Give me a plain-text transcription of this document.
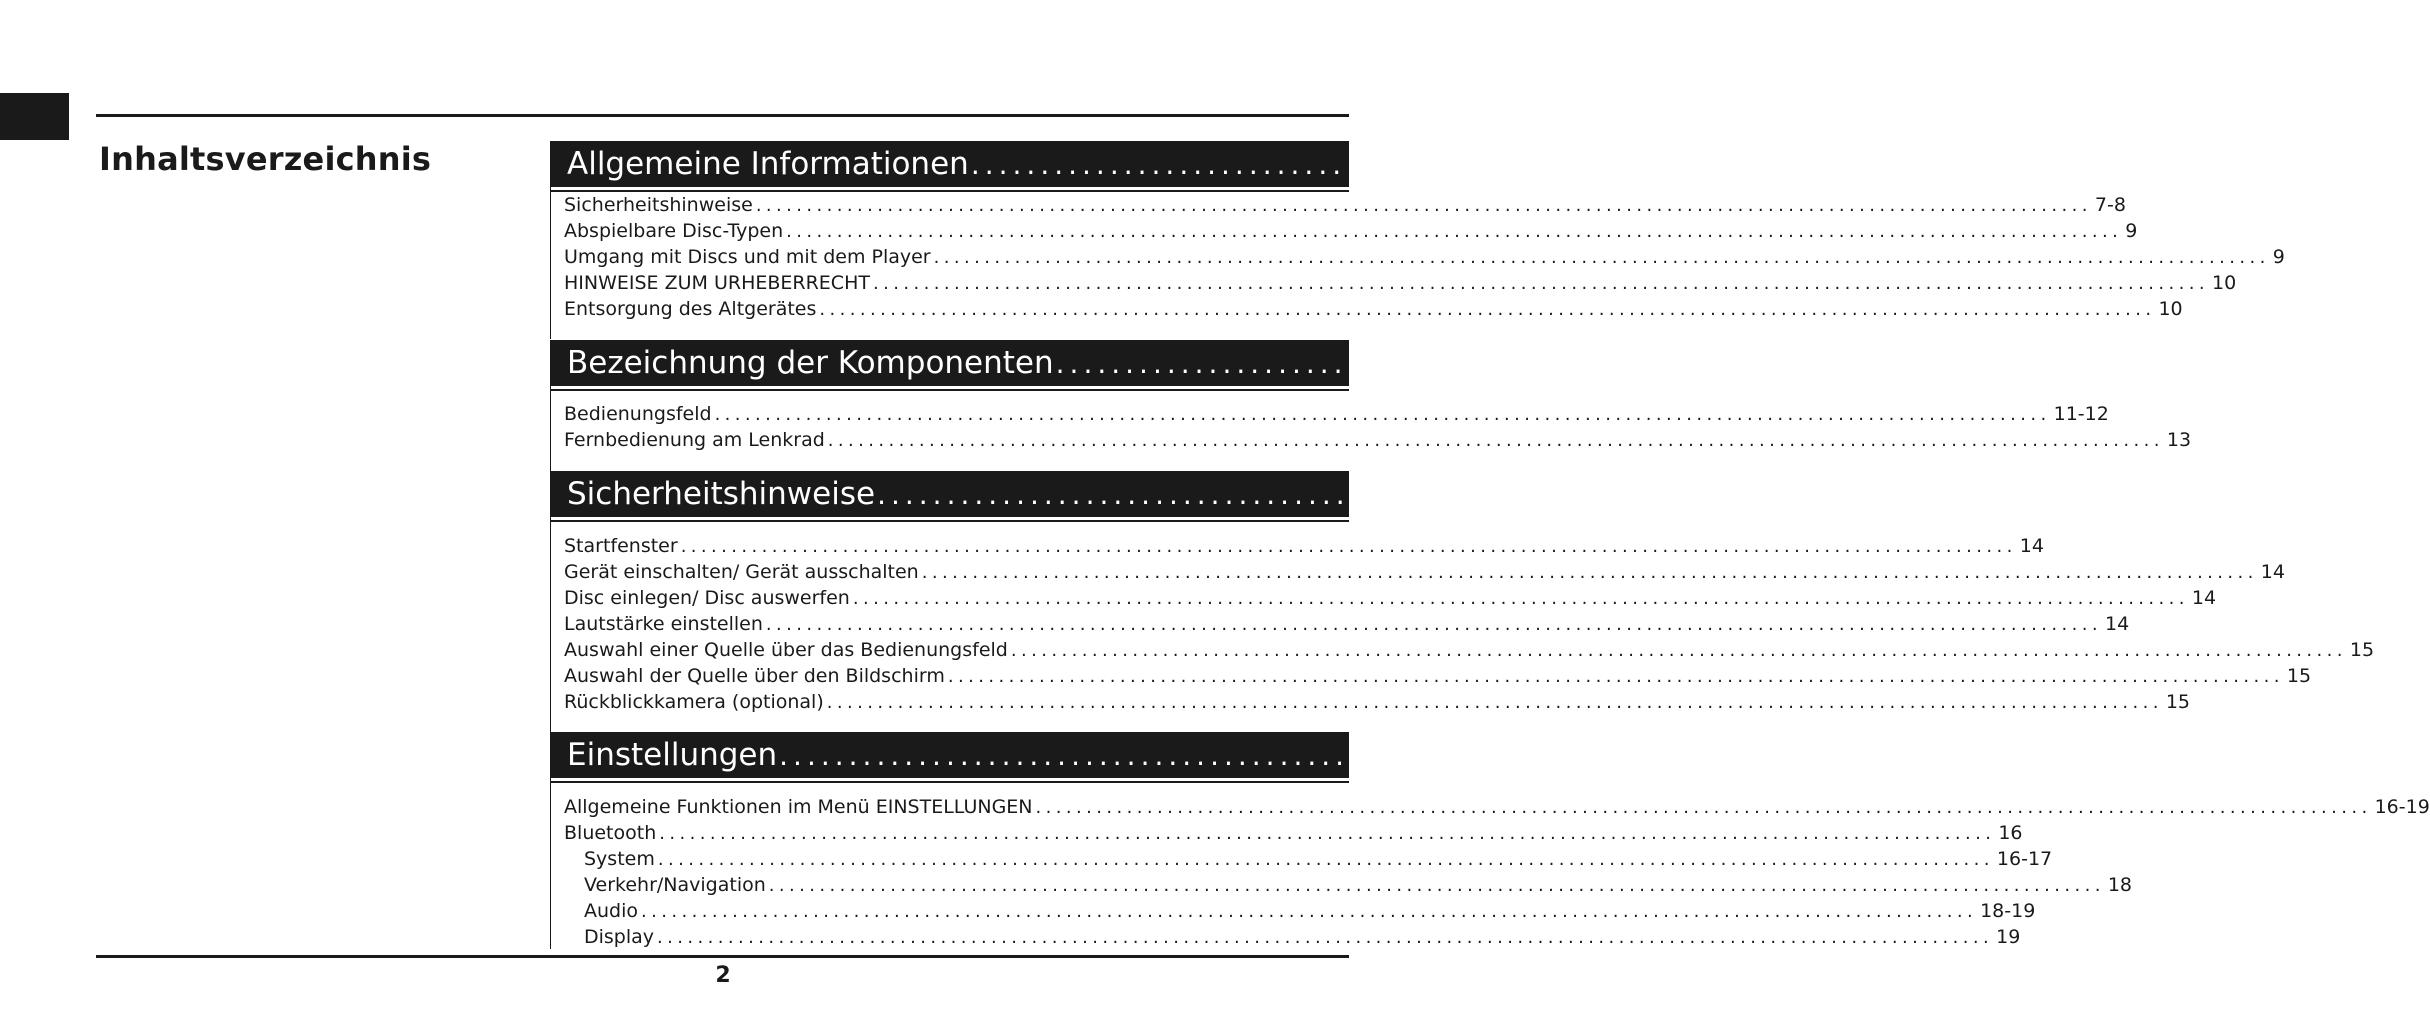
Inhaltsverzeichnis	Allgemeine Informationen ................................................................................. 7-10
Sicherheitshinweise .................................................................................................................................... 7-8
Abspielbare Disc-Typen .................................................................................................................................... 9
Umgang mit Discs und mit dem Player .................................................................................................................................... 9
HINWEISE ZUM URHEBERRECHT .................................................................................................................................... 10
Entsorgung des Altgerätes .................................................................................................................................... 10
Bezeichnung der Komponenten ................................................................................. 11-13
Bedienungsfeld .................................................................................................................................... 11-12
Fernbedienung am Lenkrad .................................................................................................................................... 13
Sicherheitshinweise ................................................................................. 14-15
Startfenster .................................................................................................................................... 14
Gerät einschalten/ Gerät ausschalten .................................................................................................................................... 14
Disc einlegen/ Disc auswerfen .................................................................................................................................... 14
Lautstärke einstellen .................................................................................................................................... 14
Auswahl einer Quelle über das Bedienungsfeld .................................................................................................................................... 15
Auswahl der Quelle über den Bildschirm .................................................................................................................................... 15
Rückblickkamera (optional) .................................................................................................................................... 15
Einstellungen ................................................................................. 16-19
Allgemeine Funktionen im Menü EINSTELLUNGEN .................................................................................................................................... 16-19
Bluetooth .................................................................................................................................... 16
System .................................................................................................................................... 16-17
Verkehr/Navigation .................................................................................................................................... 18
Audio .................................................................................................................................... 18-19
Display .................................................................................................................................... 19
2
